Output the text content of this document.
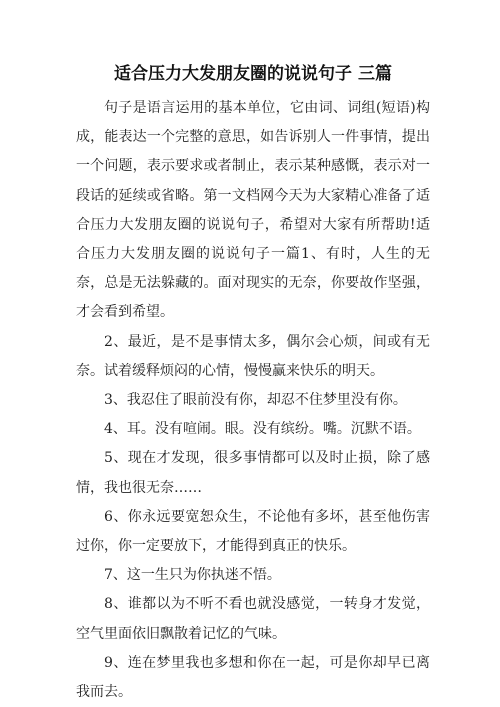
适合压力大发朋友圈的说说句子 三篇

句子是语言运用的基本单位，它由词、词组(短语)构成，能表达一个完整的意思，如告诉别人一件事情，提出一个问题，表示要求或者制止，表示某种感慨，表示对一段话的延续或省略。第一文档网今天为大家精心准备了适合压力大发朋友圈的说说句子，希望对大家有所帮助!适合压力大发朋友圈的说说句子一篇1、有时，人生的无奈，总是无法躲藏的。面对现实的无奈，你要故作坚强，才会看到希望。

2、最近，是不是事情太多，偶尔会心烦，间或有无奈。试着缓释烦闷的心情，慢慢赢来快乐的明天。

3、我忍住了眼前没有你，却忍不住梦里没有你。

4、耳。没有喧闹。眼。没有缤纷。嘴。沉默不语。

5、现在才发现，很多事情都可以及时止损，除了感情，我也很无奈……

6、你永远要宽恕众生，不论他有多坏，甚至他伤害过你，你一定要放下，才能得到真正的快乐。

7、这一生只为你执迷不悟。

8、谁都以为不听不看也就没感觉，一转身才发觉，空气里面依旧飘散着记忆的气味。

9、连在梦里我也多想和你在一起，可是你却早已离我而去。
